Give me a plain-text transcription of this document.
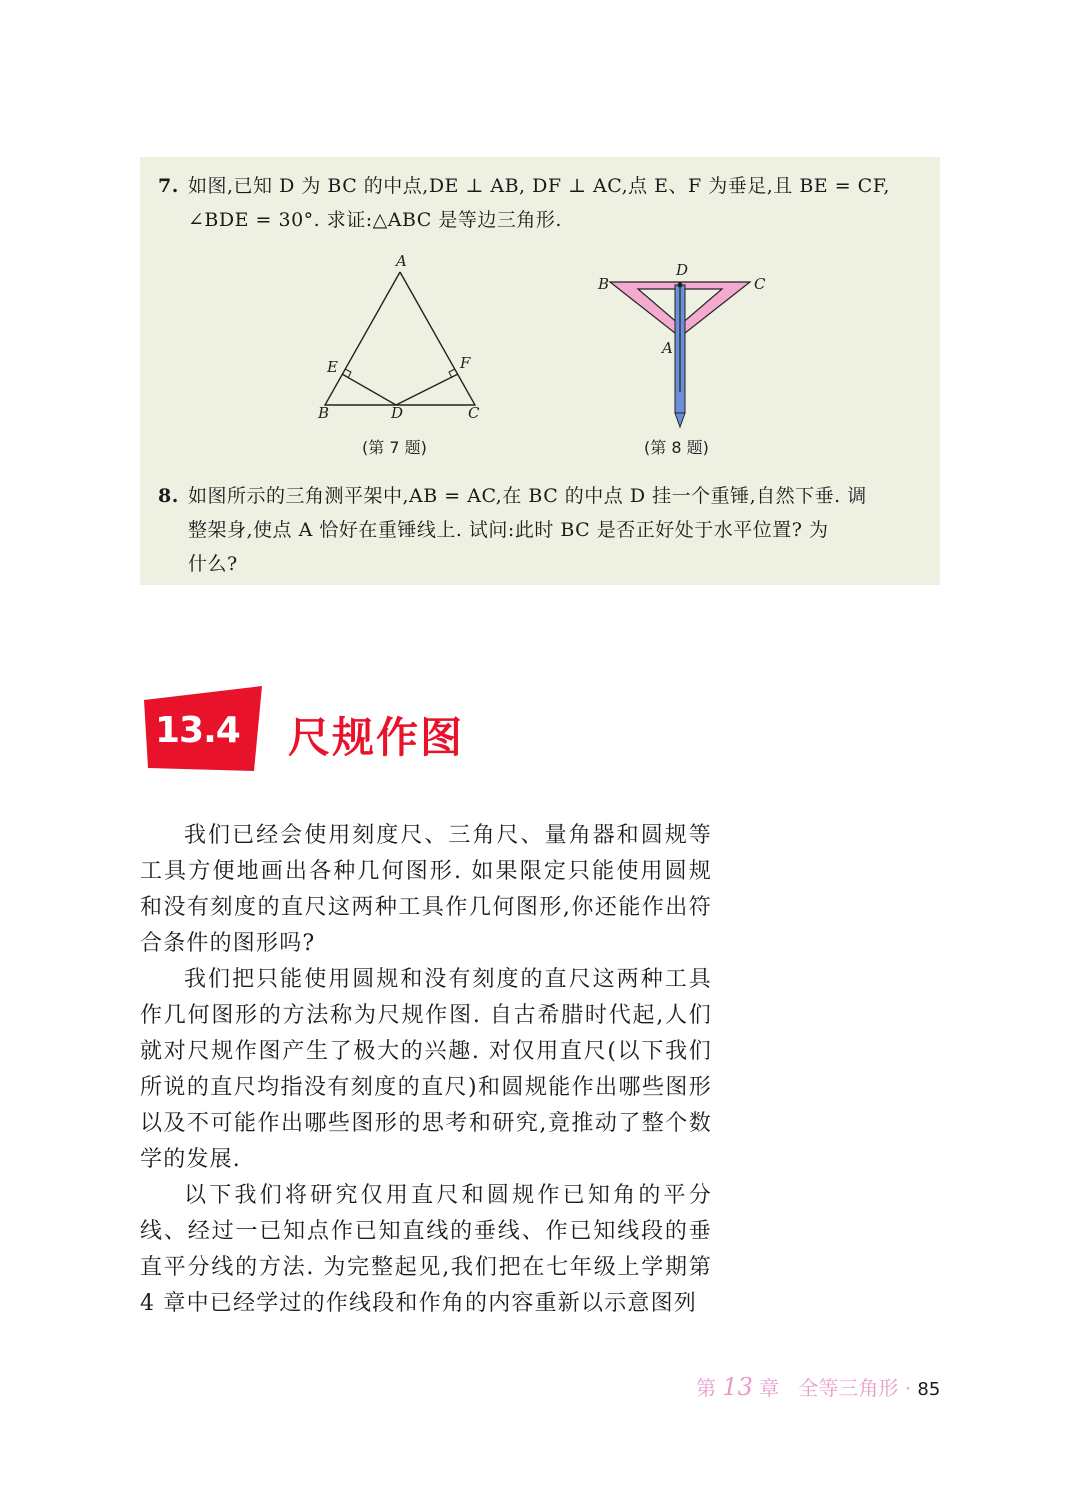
7. 如图,已知 D 为 BC 的中点,DE ⊥ AB, DF ⊥ AC,点 E、F 为垂足,且 BE = CF,
∠BDE = 30°. 求证:△ABC 是等边三角形.
A
B	C
D
E	F
D
B	C
A
(第 7 题)	(第 8 题)
8. 如图所示的三角测平架中,AB = AC,在 BC 的中点 D 挂一个重锤,自然下垂. 调
整架身,使点 A 恰好在重锤线上. 试问:此时 BC 是否正好处于水平位置? 为
什么?
13.4 尺规作图

我们已经会使用刻度尺、三角尺、量角器和圆规等工具方便地画出各种几何图形. 如果限定只能使用圆规和没有刻度的直尺这两种工具作几何图形,你还能作出符合条件的图形吗?

我们把只能使用圆规和没有刻度的直尺这两种工具作几何图形的方法称为尺规作图. 自古希腊时代起,人们就对尺规作图产生了极大的兴趣. 对仅用直尺(以下我们所说的直尺均指没有刻度的直尺)和圆规能作出哪些图形以及不可能作出哪些图形的思考和研究,竟推动了整个数学的发展.

以下我们将研究仅用直尺和圆规作已知角的平分线、经过一已知点作已知直线的垂线、作已知线段的垂直平分线的方法. 为完整起见,我们把在七年级上学期第 4 章中已经学过的作线段和作角的内容重新以示意图列

第 13 章 全等三角形 · 85
